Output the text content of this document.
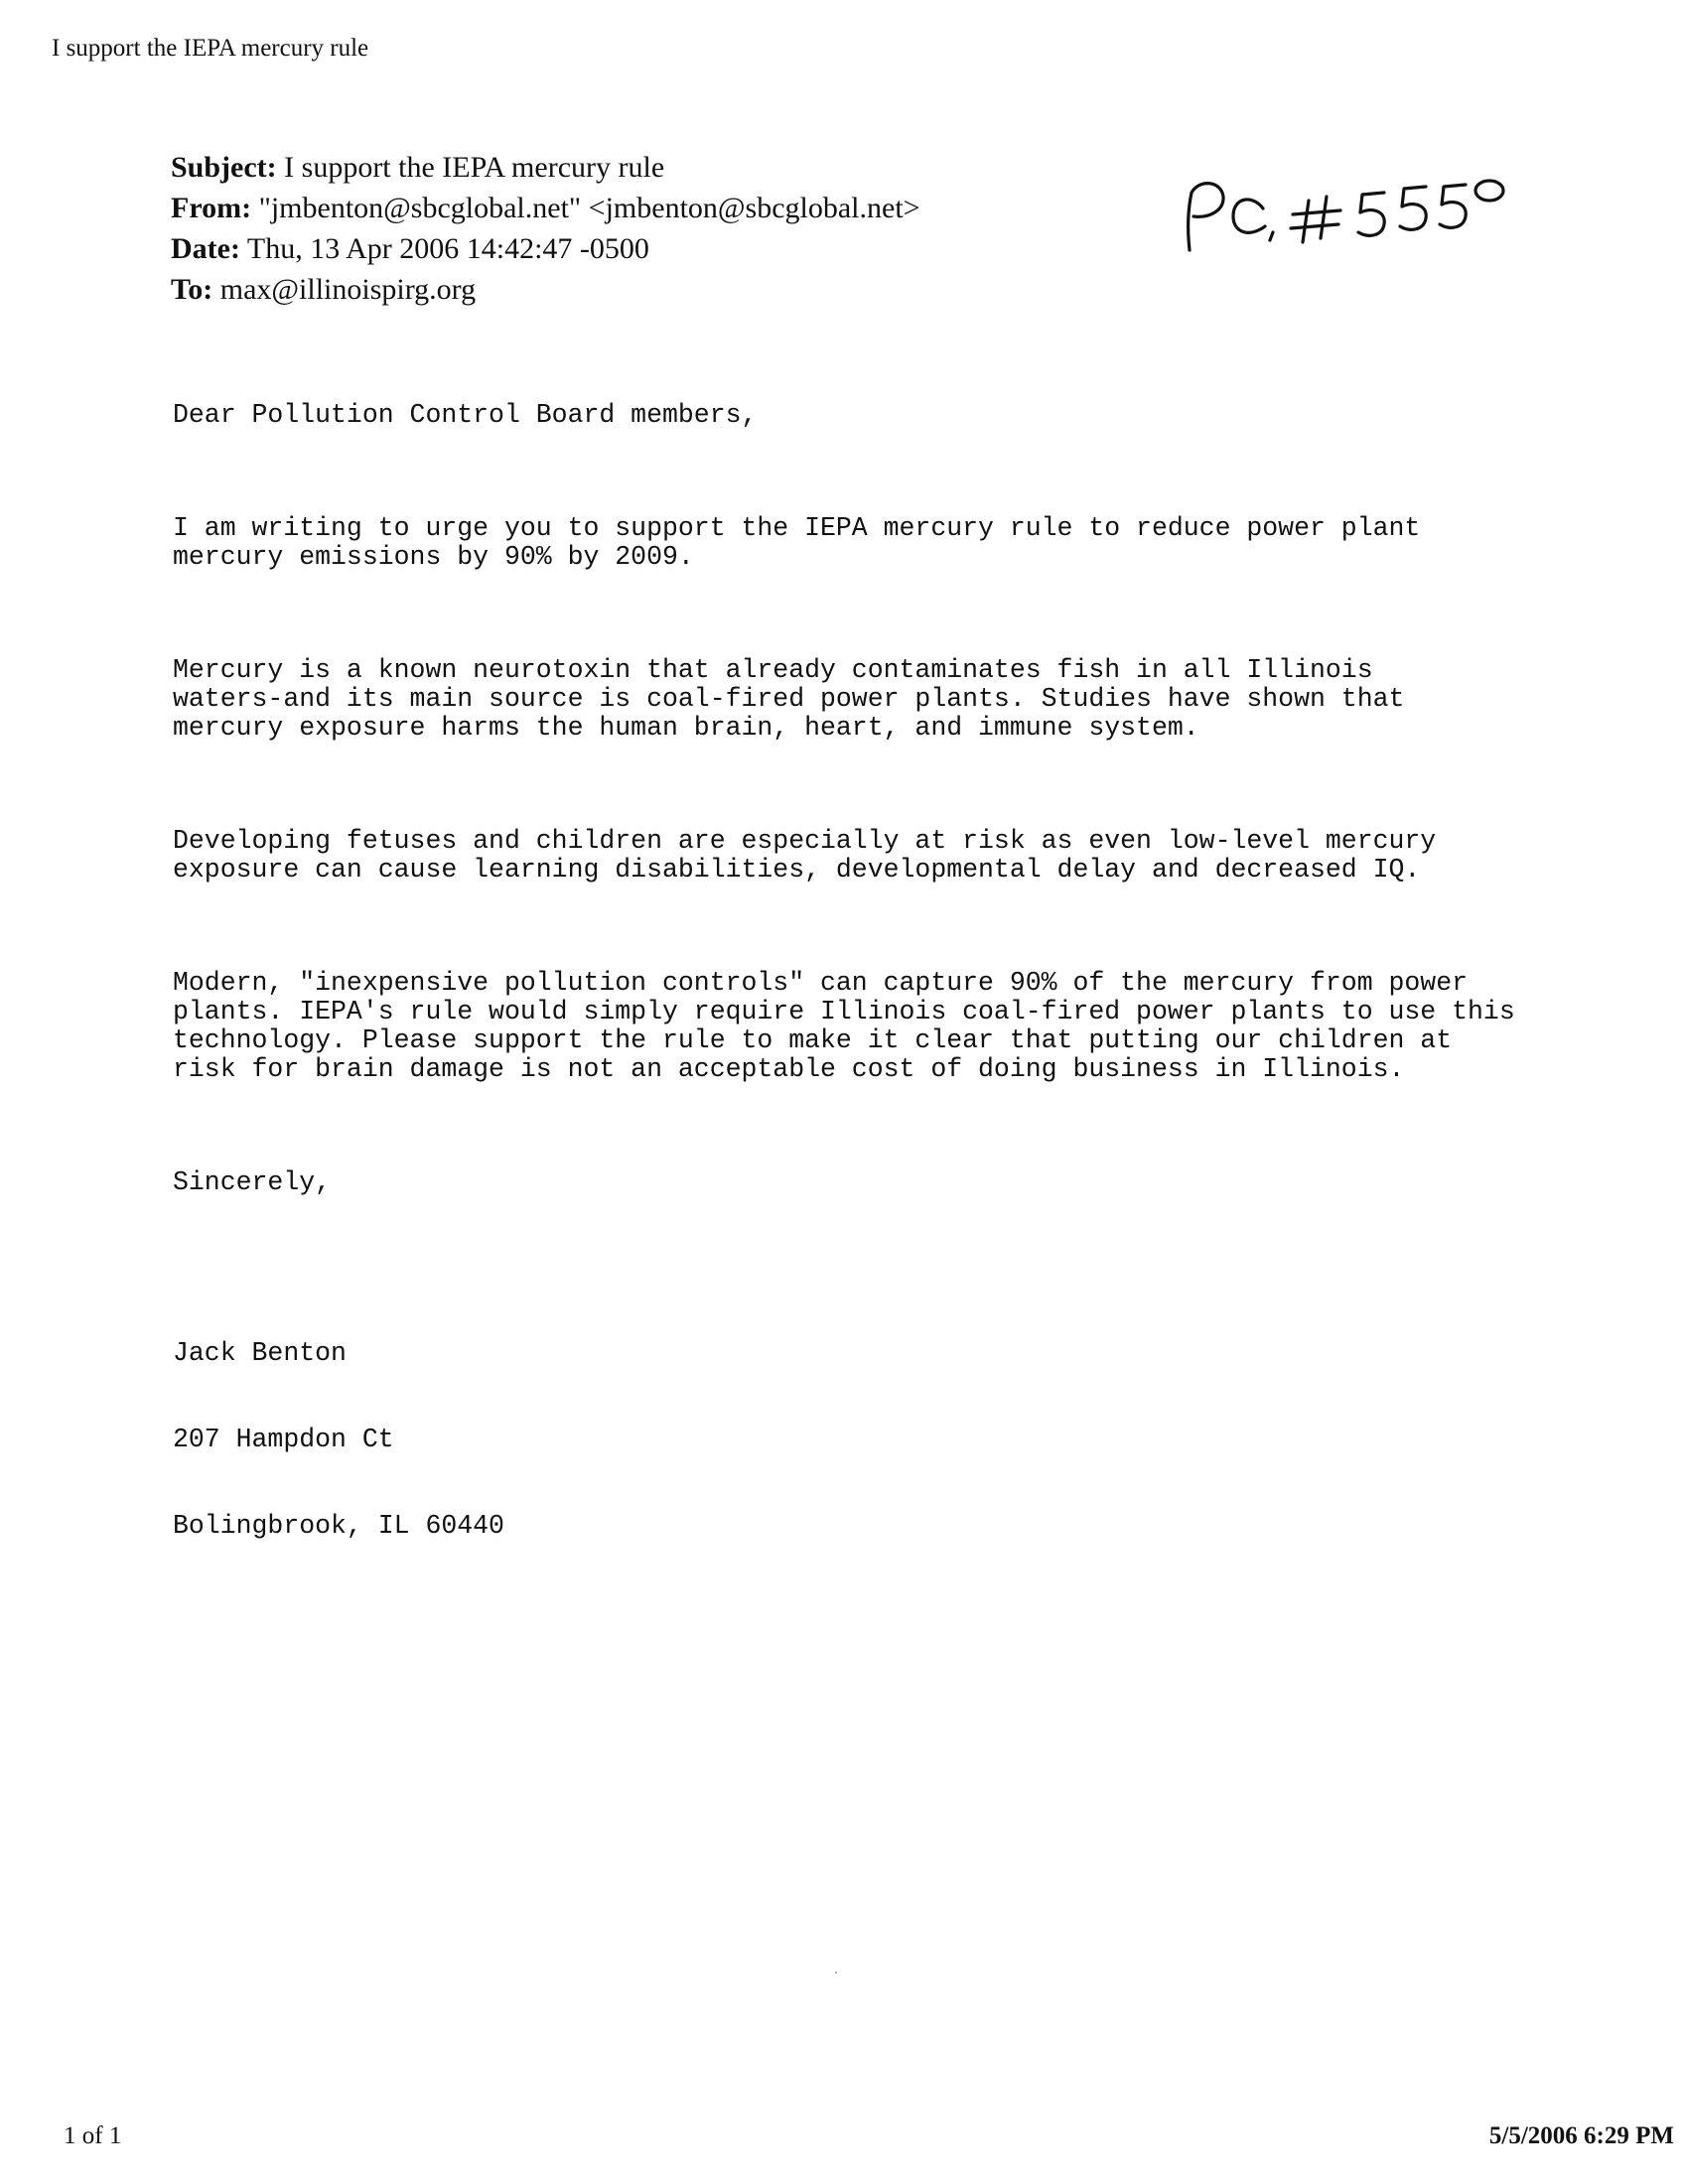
I support the IEPA mercury rule
Subject: I support the IEPA mercury rule
From: "jmbenton@sbcglobal.net" <jmbenton@sbcglobal.net>
Date: Thu, 13 Apr 2006 14:42:47 -0500
To: max@illinoispirg.org

Dear Pollution Control Board members,

I am writing to urge you to support the IEPA mercury rule to reduce power plant
mercury emissions by 90% by 2009.

Mercury is a known neurotoxin that already contaminates fish in all Illinois
waters-and its main source is coal-fired power plants. Studies have shown that
mercury exposure harms the human brain, heart, and immune system.

Developing fetuses and children are especially at risk as even low-level mercury
exposure can cause learning disabilities, developmental delay and decreased IQ.

Modern, "inexpensive pollution controls" can capture 90% of the mercury from power
plants. IEPA's rule would simply require Illinois coal-fired power plants to use this
technology. Please support the rule to make it clear that putting our children at
risk for brain damage is not an acceptable cost of doing business in Illinois.

Sincerely,

Jack Benton

207 Hampdon Ct

Bolingbrook, IL 60440

1 of 1	5/5/2006 6:29 PM
